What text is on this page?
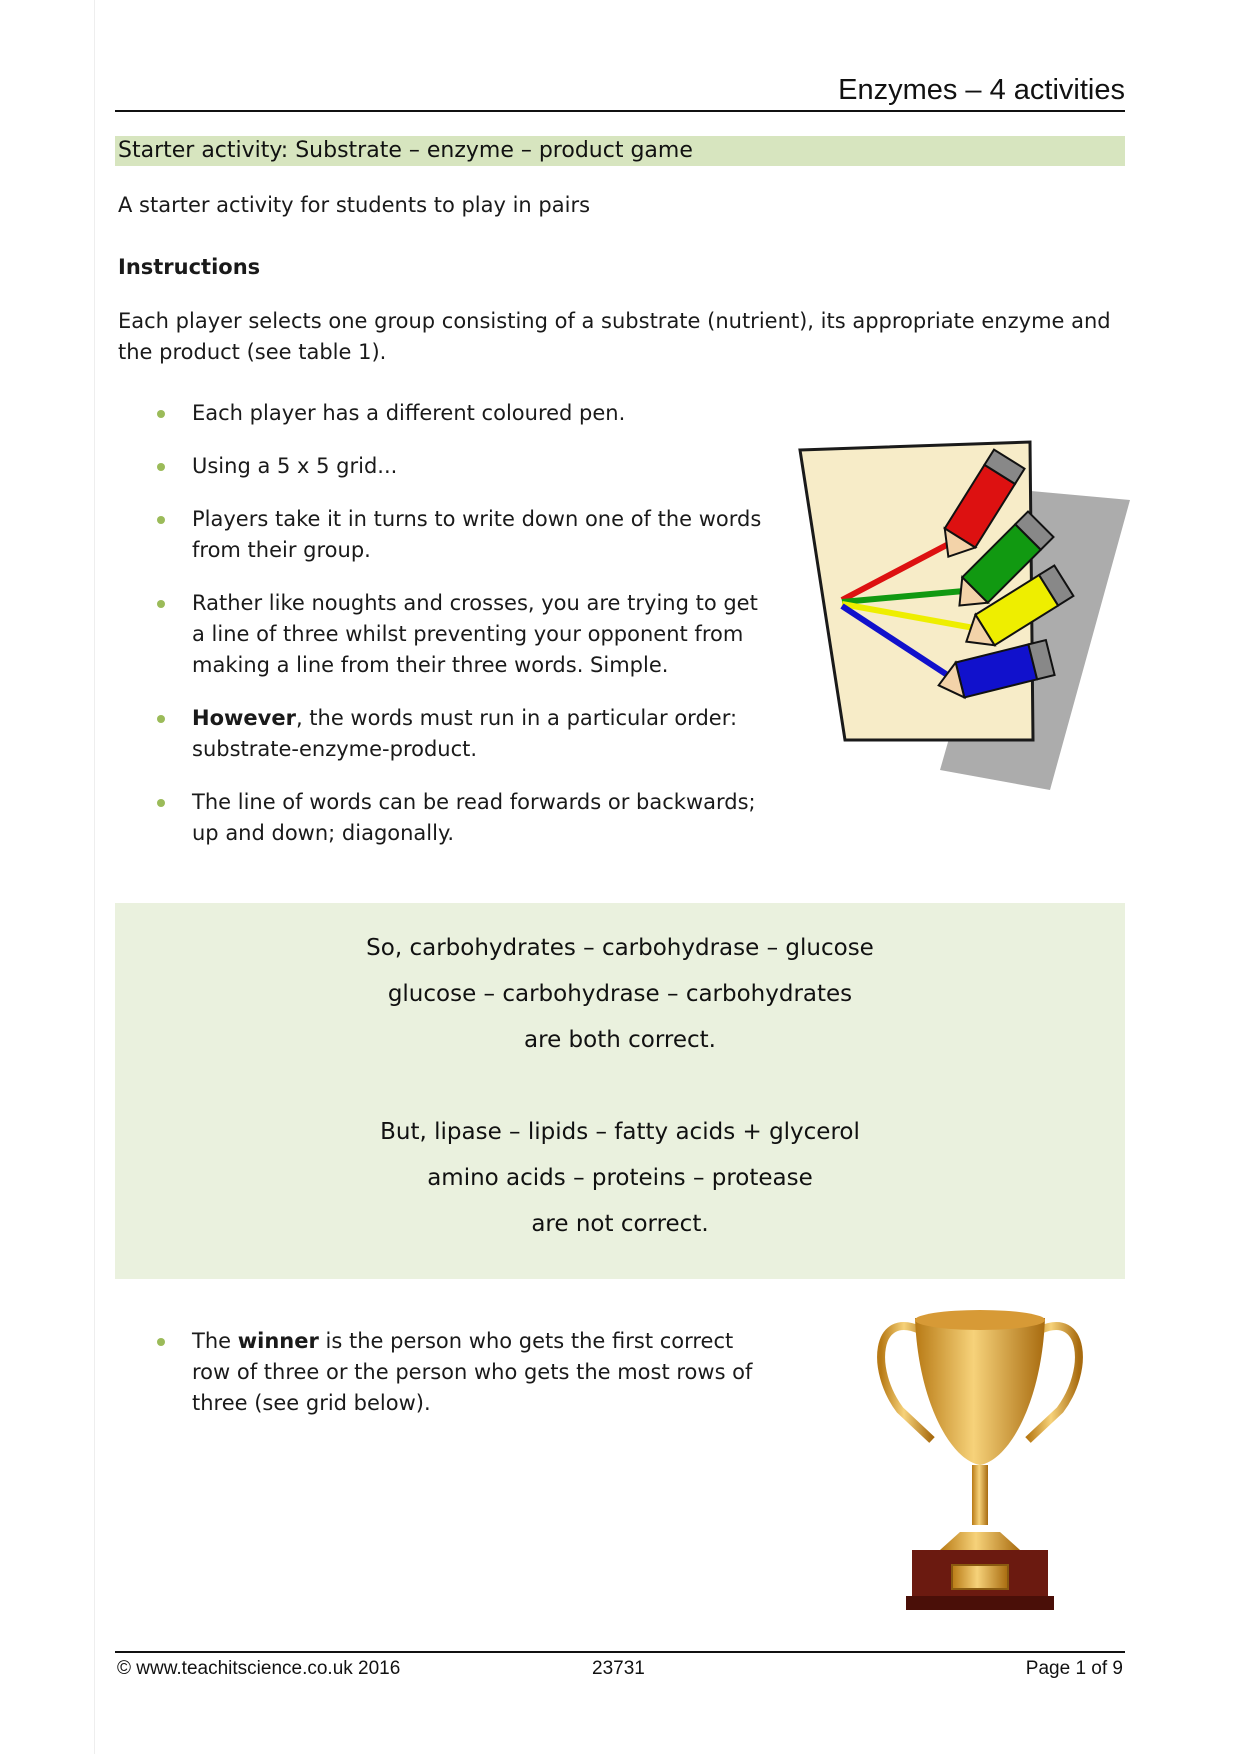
Enzymes – 4 activities
Starter activity: Substrate – enzyme – product game
A starter activity for students to play in pairs
Instructions
Each player selects one group consisting of a substrate (nutrient), its appropriate enzyme and the product (see table 1).
Each player has a different coloured pen.
Using a 5 x 5 grid...
Players take it in turns to write down one of the words from their group.
Rather like noughts and crosses, you are trying to get a line of three whilst preventing your opponent from making a line from their three words. Simple.
However, the words must run in a particular order: substrate-enzyme-product.
The line of words can be read forwards or backwards; up and down; diagonally.
So, carbohydrates – carbohydrase – glucose
glucose – carbohydrase – carbohydrates
are both correct.
But, lipase – lipids – fatty acids + glycerol
amino acids – proteins – protease
are not correct.
The winner is the person who gets the first correct row of three or the person who gets the most rows of three (see grid below).
© www.teachitscience.co.uk 2016	23731	Page 1 of 9
